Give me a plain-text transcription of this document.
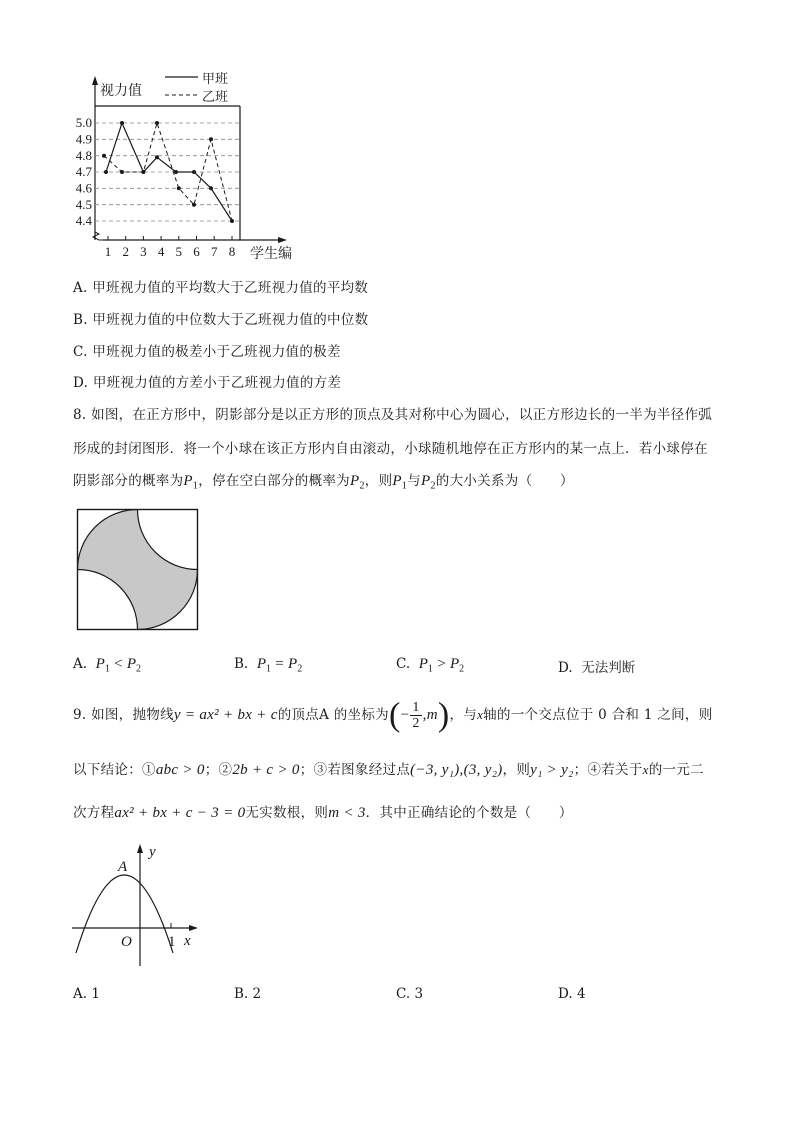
5.0
4.9
4.8
4.7
4.6
4.5
4.4
1 2 3 4 5 6 7 8
视力值
甲班
乙班
学生编
A. 甲班视力值的平均数大于乙班视力值的平均数
B. 甲班视力值的中位数大于乙班视力值的中位数
C. 甲班视力值的极差小于乙班视力值的极差
D. 甲班视力值的方差小于乙班视力值的方差
8. 如图，在正方形中，阴影部分是以正方形的顶点及其对称中心为圆心，以正方形边长的一半为半径作弧
形成的封闭图形．将一个小球在该正方形内自由滚动，小球随机地停在正方形内的某一点上．若小球停在
阴影部分的概率为$P_1$，停在空白部分的概率为$P_2$，则$P_1$与$P_2$的大小关系为（　　）
A. $P_1 < P_2$	B. $P_1 = P_2$	C. $P_1 > P_2$	D. 无法判断
9. 如图，抛物线y = ax² + bx + c的顶点A 的坐标为(− $\frac{1}{2} ,m$)，与x轴的一个交点位于 0 合和 1 之间，则
以下结论：①abc > 0；②2b + c > 0；③若图象经过点(−3, y₁),(3, y₂)，则y₁ > y₂；④若关于x的一元二
次方程ax² + bx + c − 3 = 0无实数根，则m < 3．其中正确结论的个数是（　　）
A
O 1 x
y
A. 1	B. 2	C. 3	D. 4
